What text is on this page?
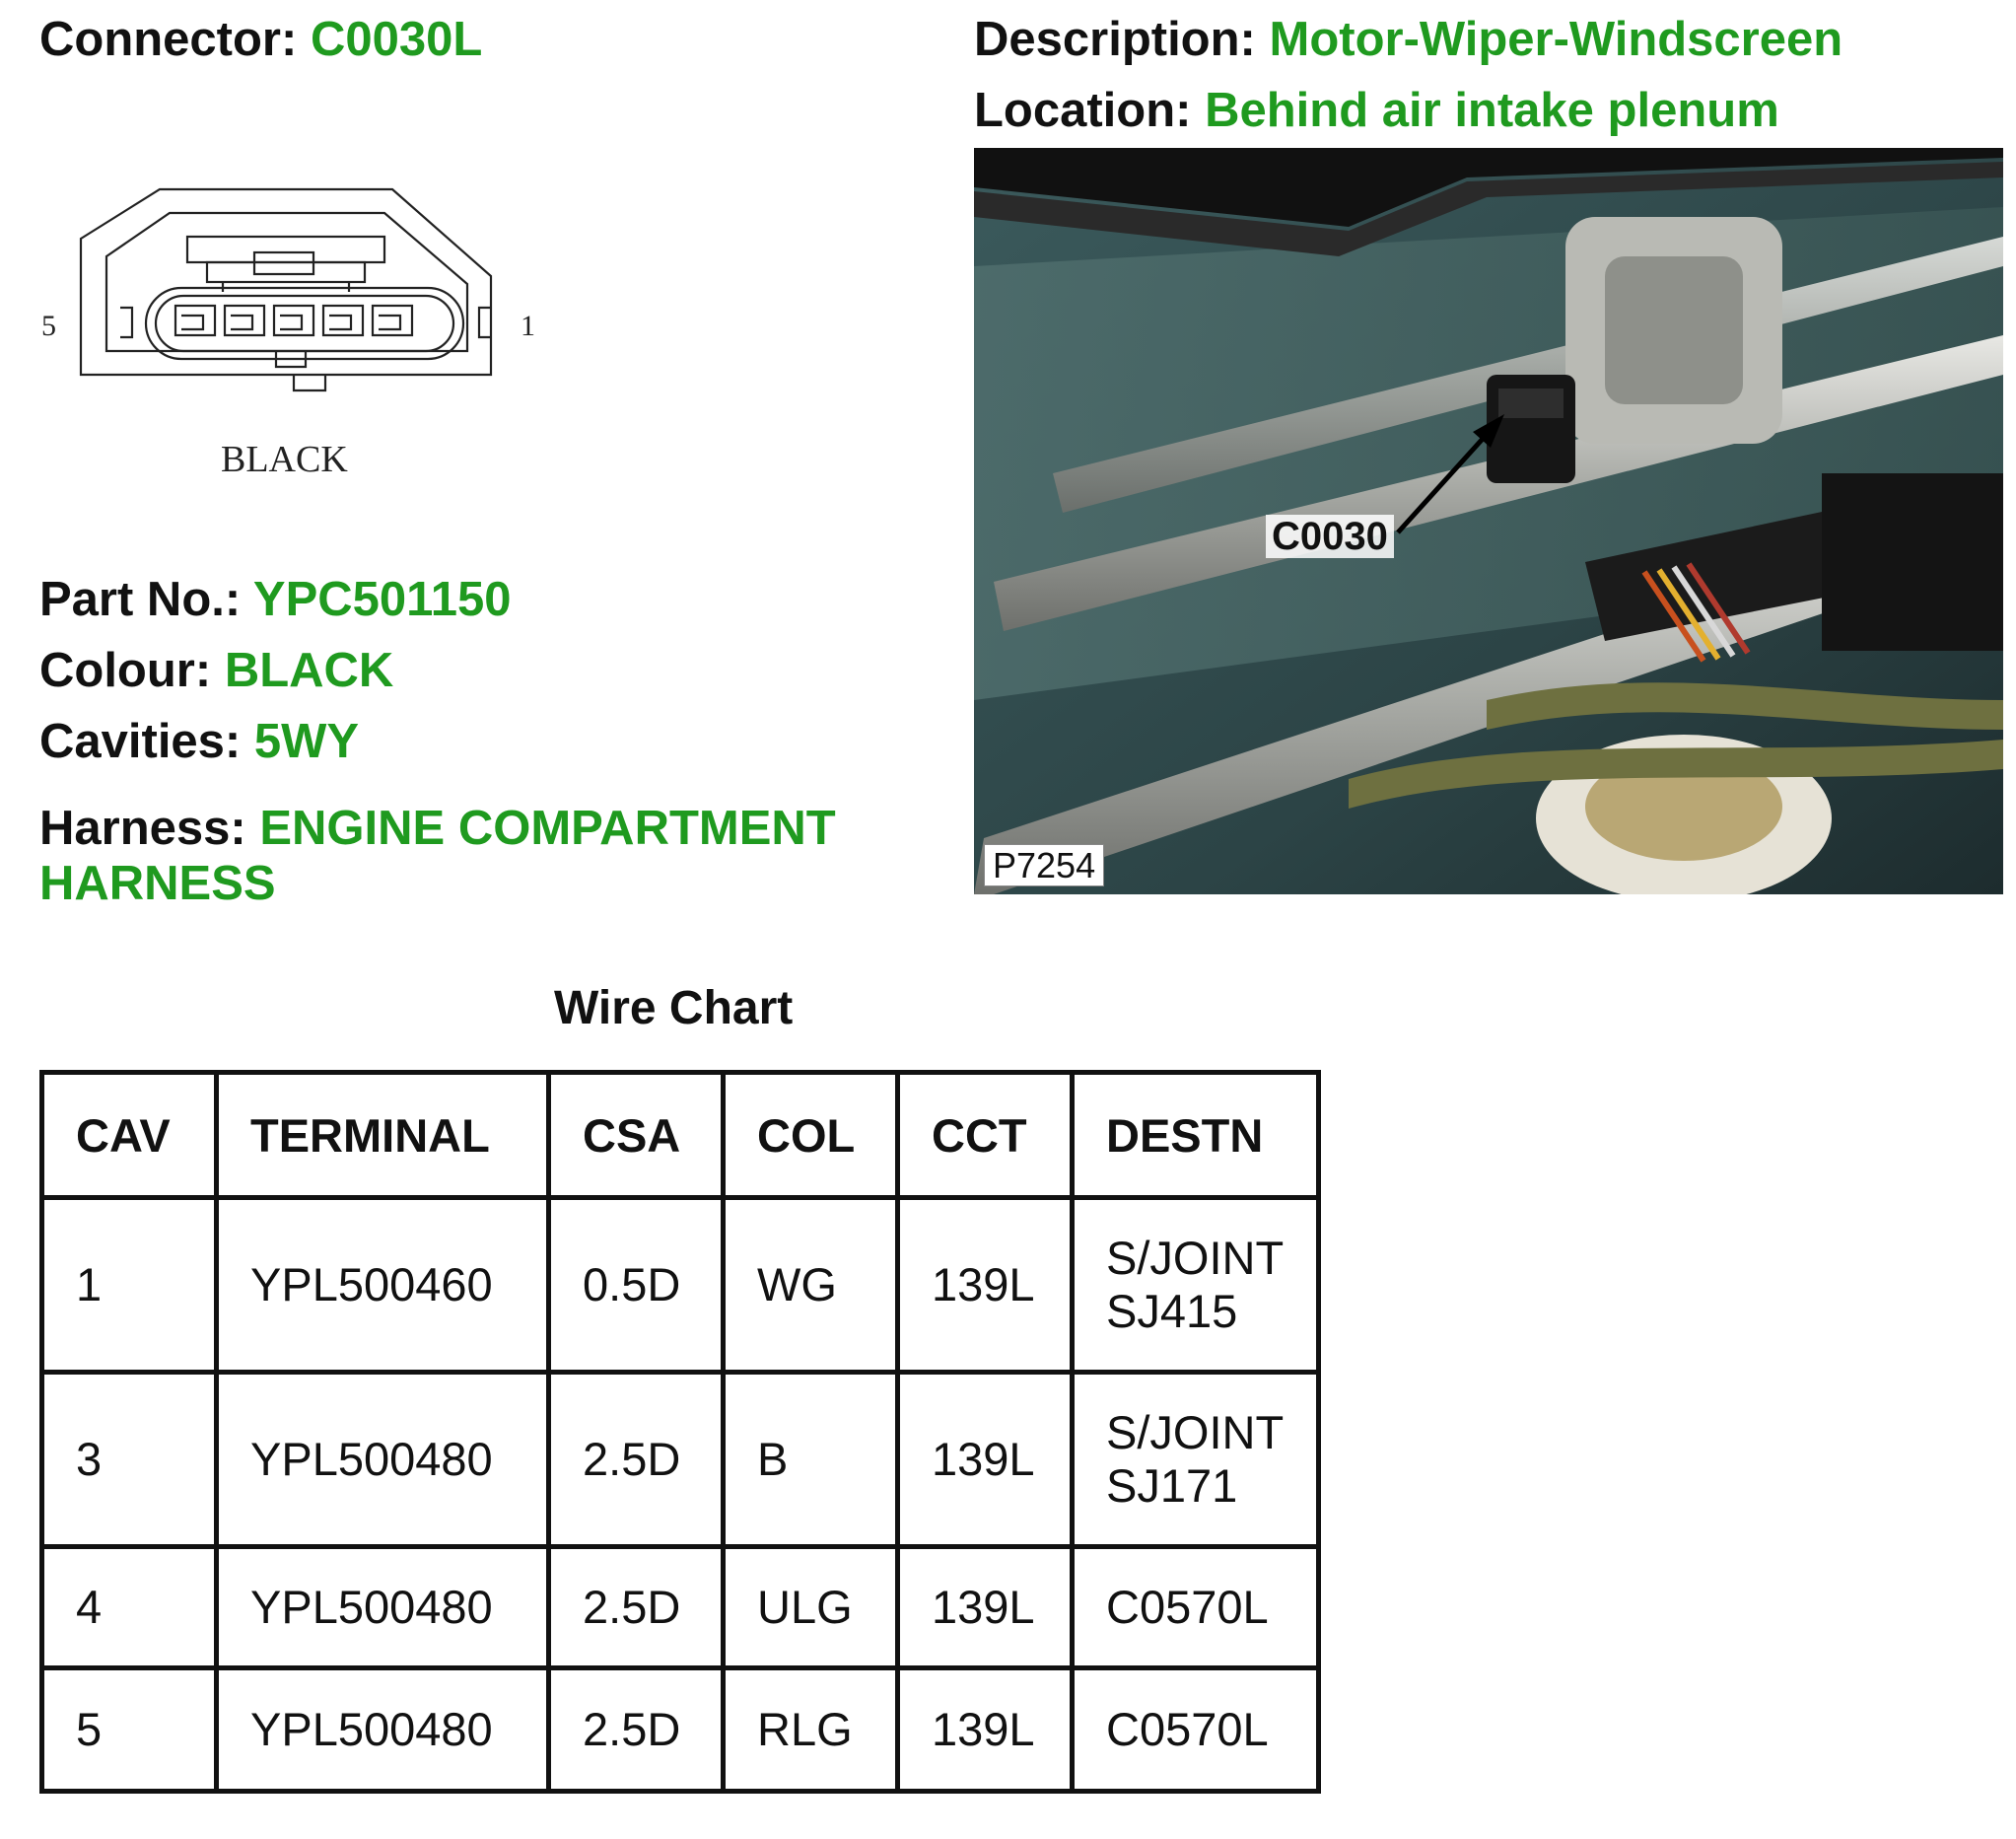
Connector: C0030L	Description: Motor-Wiper-Windscreen
Location: Behind air intake plenum
5	1
BLACK
Part No.: YPC501150
Colour: BLACK
Cavities: 5WY
Harness: ENGINE COMPARTMENT
HARNESS
C0030
P7254
Wire Chart
CAV	TERMINAL	CSA	COL	CCT	DESTN
1	YPL500460	0.5D	WG	139L	S/JOINT
SJ415

3	YPL500480	2.5D	B	139L	S/JOINT
SJ171

4	YPL500480	2.5D	ULG	139L	C0570L
5	YPL500480	2.5D	RLG	139L	C0570L
